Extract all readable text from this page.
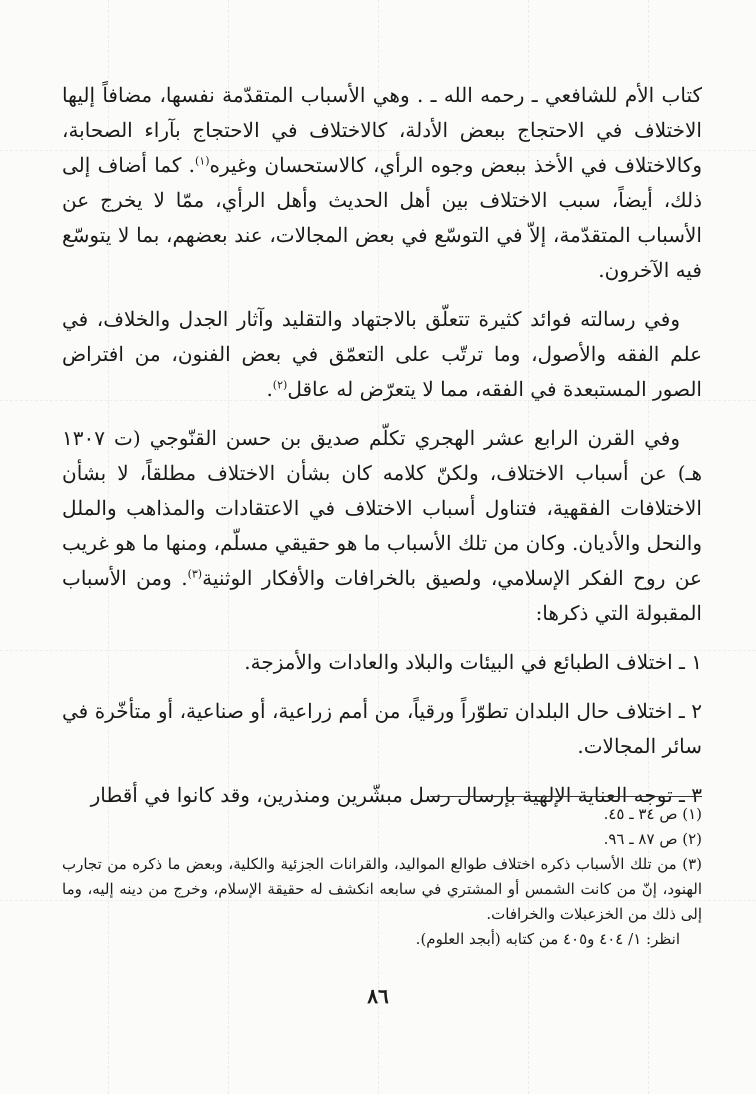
كتاب الأم للشافعي ـ رحمه الله ـ . وهي الأسباب المتقدّمة نفسها، مضافاً إليها الاختلاف في الاحتجاج ببعض الأدلة، كالاختلاف في الاحتجاج بآراء الصحابة، وكالاختلاف في الأخذ ببعض وجوه الرأي، كالاستحسان وغيره$^{(١)}$. كما أضاف إلى ذلك، أيضاً، سبب الاختلاف بين أهل الحديث وأهل الرأي، ممّا لا يخرج عن الأسباب المتقدّمة، إلاّ في التوسّع في بعض المجالات، عند بعضهم، بما لا يتوسّع فيه الآخرون.

وفي رسالته فوائد كثيرة تتعلّق بالاجتهاد والتقليد وآثار الجدل والخلاف، في علم الفقه والأصول، وما ترتّب على التعمّق في بعض الفنون، من افتراض الصور المستبعدة في الفقه، مما لا يتعرّض له عاقل$^{(٢)}$.

وفي القرن الرابع عشر الهجري تكلّم صديق بن حسن القنّوجي (ت ١٣٠٧ هـ) عن أسباب الاختلاف، ولكنّ كلامه كان بشأن الاختلاف مطلقاً، لا بشأن الاختلافات الفقهية، فتناول أسباب الاختلاف في الاعتقادات والمذاهب والملل والنحل والأديان. وكان من تلك الأسباب ما هو حقيقي مسلّم، ومنها ما هو غريب عن روح الفكر الإسلامي، ولصيق بالخرافات والأفكار الوثنية$^{(٣)}$. ومن الأسباب المقبولة التي ذكرها:

١ ـ اختلاف الطبائع في البيئات والبلاد والعادات والأمزجة.

٢ ـ اختلاف حال البلدان تطوّراً ورقياً، من أمم زراعية، أو صناعية، أو متأخّرة في سائر المجالات.

٣ ـ توجه العناية الإلهية بإرسال رسل مبشّرين ومنذرين، وقد كانوا في أقطار

(١) ص ٣٤ ـ ٤٥.

(٢) ص ٨٧ ـ ٩٦.

(٣) من تلك الأسباب ذكره اختلاف طوالع المواليد، والقرانات الجزئية والكلية، وبعض ما ذكره من تجارب الهنود، إنّ من كانت الشمس أو المشتري في سابعه انكشف له حقيقة الإسلام، وخرج من دينه إليه، وما إلى ذلك من الخزعبلات والخرافات.

انظر: ١/ ٤٠٤ و٤٠٥ من كتابه (أبجد العلوم).

٨٦
